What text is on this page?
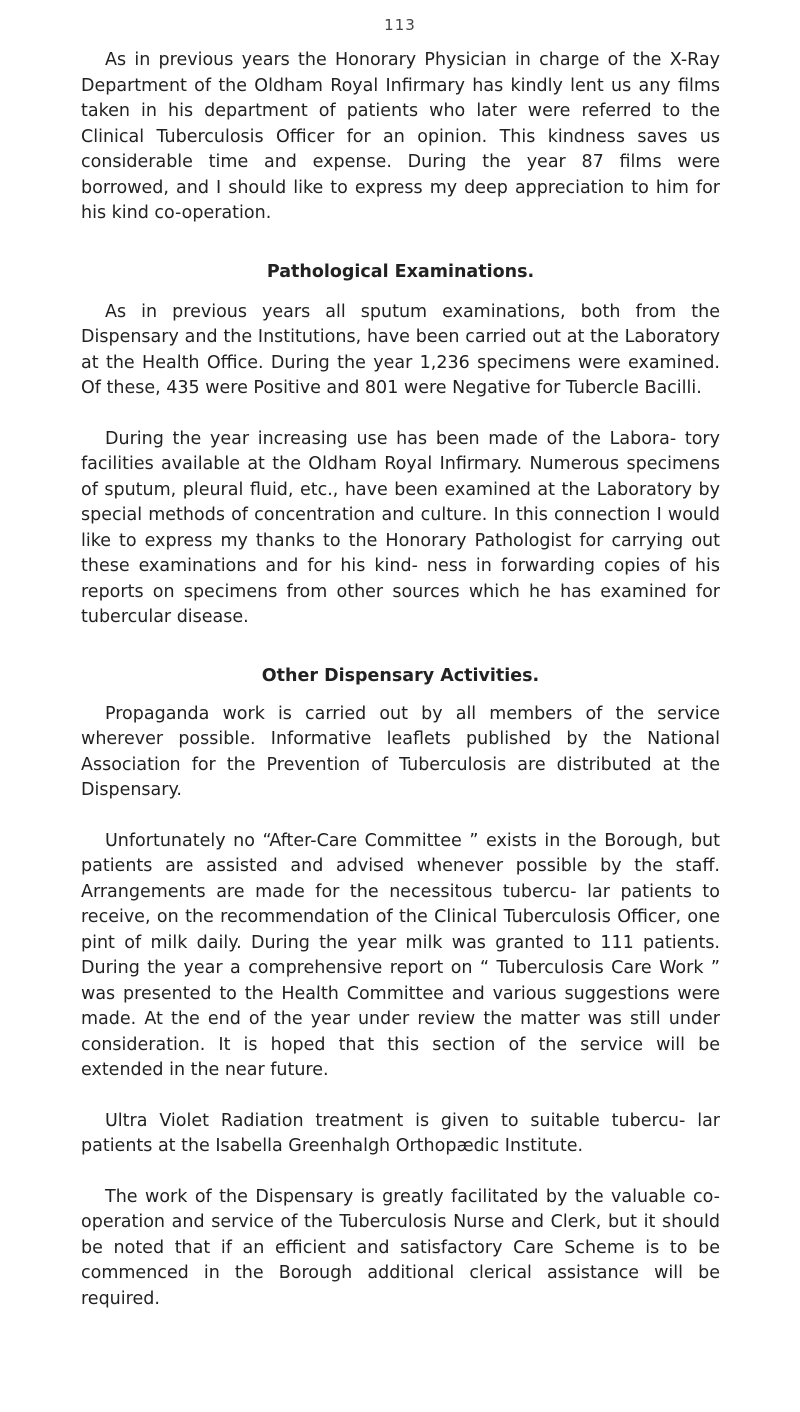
113

As in previous years the Honorary Physician in charge of the X-Ray Department of the Oldham Royal Infirmary has kindly lent us any films taken in his department of patients who later were referred to the Clinical Tuberculosis Officer for an opinion. This kindness saves us considerable time and expense. During the year 87 films were borrowed, and I should like to express my deep appreciation to him for his kind co-operation.

Pathological Examinations.

As in previous years all sputum examinations, both from the Dispensary and the Institutions, have been carried out at the Laboratory at the Health Office. During the year 1,236 specimens were examined. Of these, 435 were Positive and 801 were Negative for Tubercle Bacilli.

During the year increasing use has been made of the Labora- tory facilities available at the Oldham Royal Infirmary. Numerous specimens of sputum, pleural fluid, etc., have been examined at the Laboratory by special methods of concentration and culture. In this connection I would like to express my thanks to the Honorary Pathologist for carrying out these examinations and for his kind- ness in forwarding copies of his reports on specimens from other sources which he has examined for tubercular disease.

Other Dispensary Activities.

Propaganda work is carried out by all members of the service wherever possible. Informative leaflets published by the National Association for the Prevention of Tuberculosis are distributed at the Dispensary.

Unfortunately no “After-Care Committee ” exists in the Borough, but patients are assisted and advised whenever possible by the staff. Arrangements are made for the necessitous tubercu- lar patients to receive, on the recommendation of the Clinical Tuberculosis Officer, one pint of milk daily. During the year milk was granted to 111 patients. During the year a comprehensive report on “ Tuberculosis Care Work ” was presented to the Health Committee and various suggestions were made. At the end of the year under review the matter was still under consideration. It is hoped that this section of the service will be extended in the near future.

Ultra Violet Radiation treatment is given to suitable tubercu- lar patients at the Isabella Greenhalgh Orthopædic Institute.

The work of the Dispensary is greatly facilitated by the valuable co-operation and service of the Tuberculosis Nurse and Clerk, but it should be noted that if an efficient and satisfactory Care Scheme is to be commenced in the Borough additional clerical assistance will be required.
